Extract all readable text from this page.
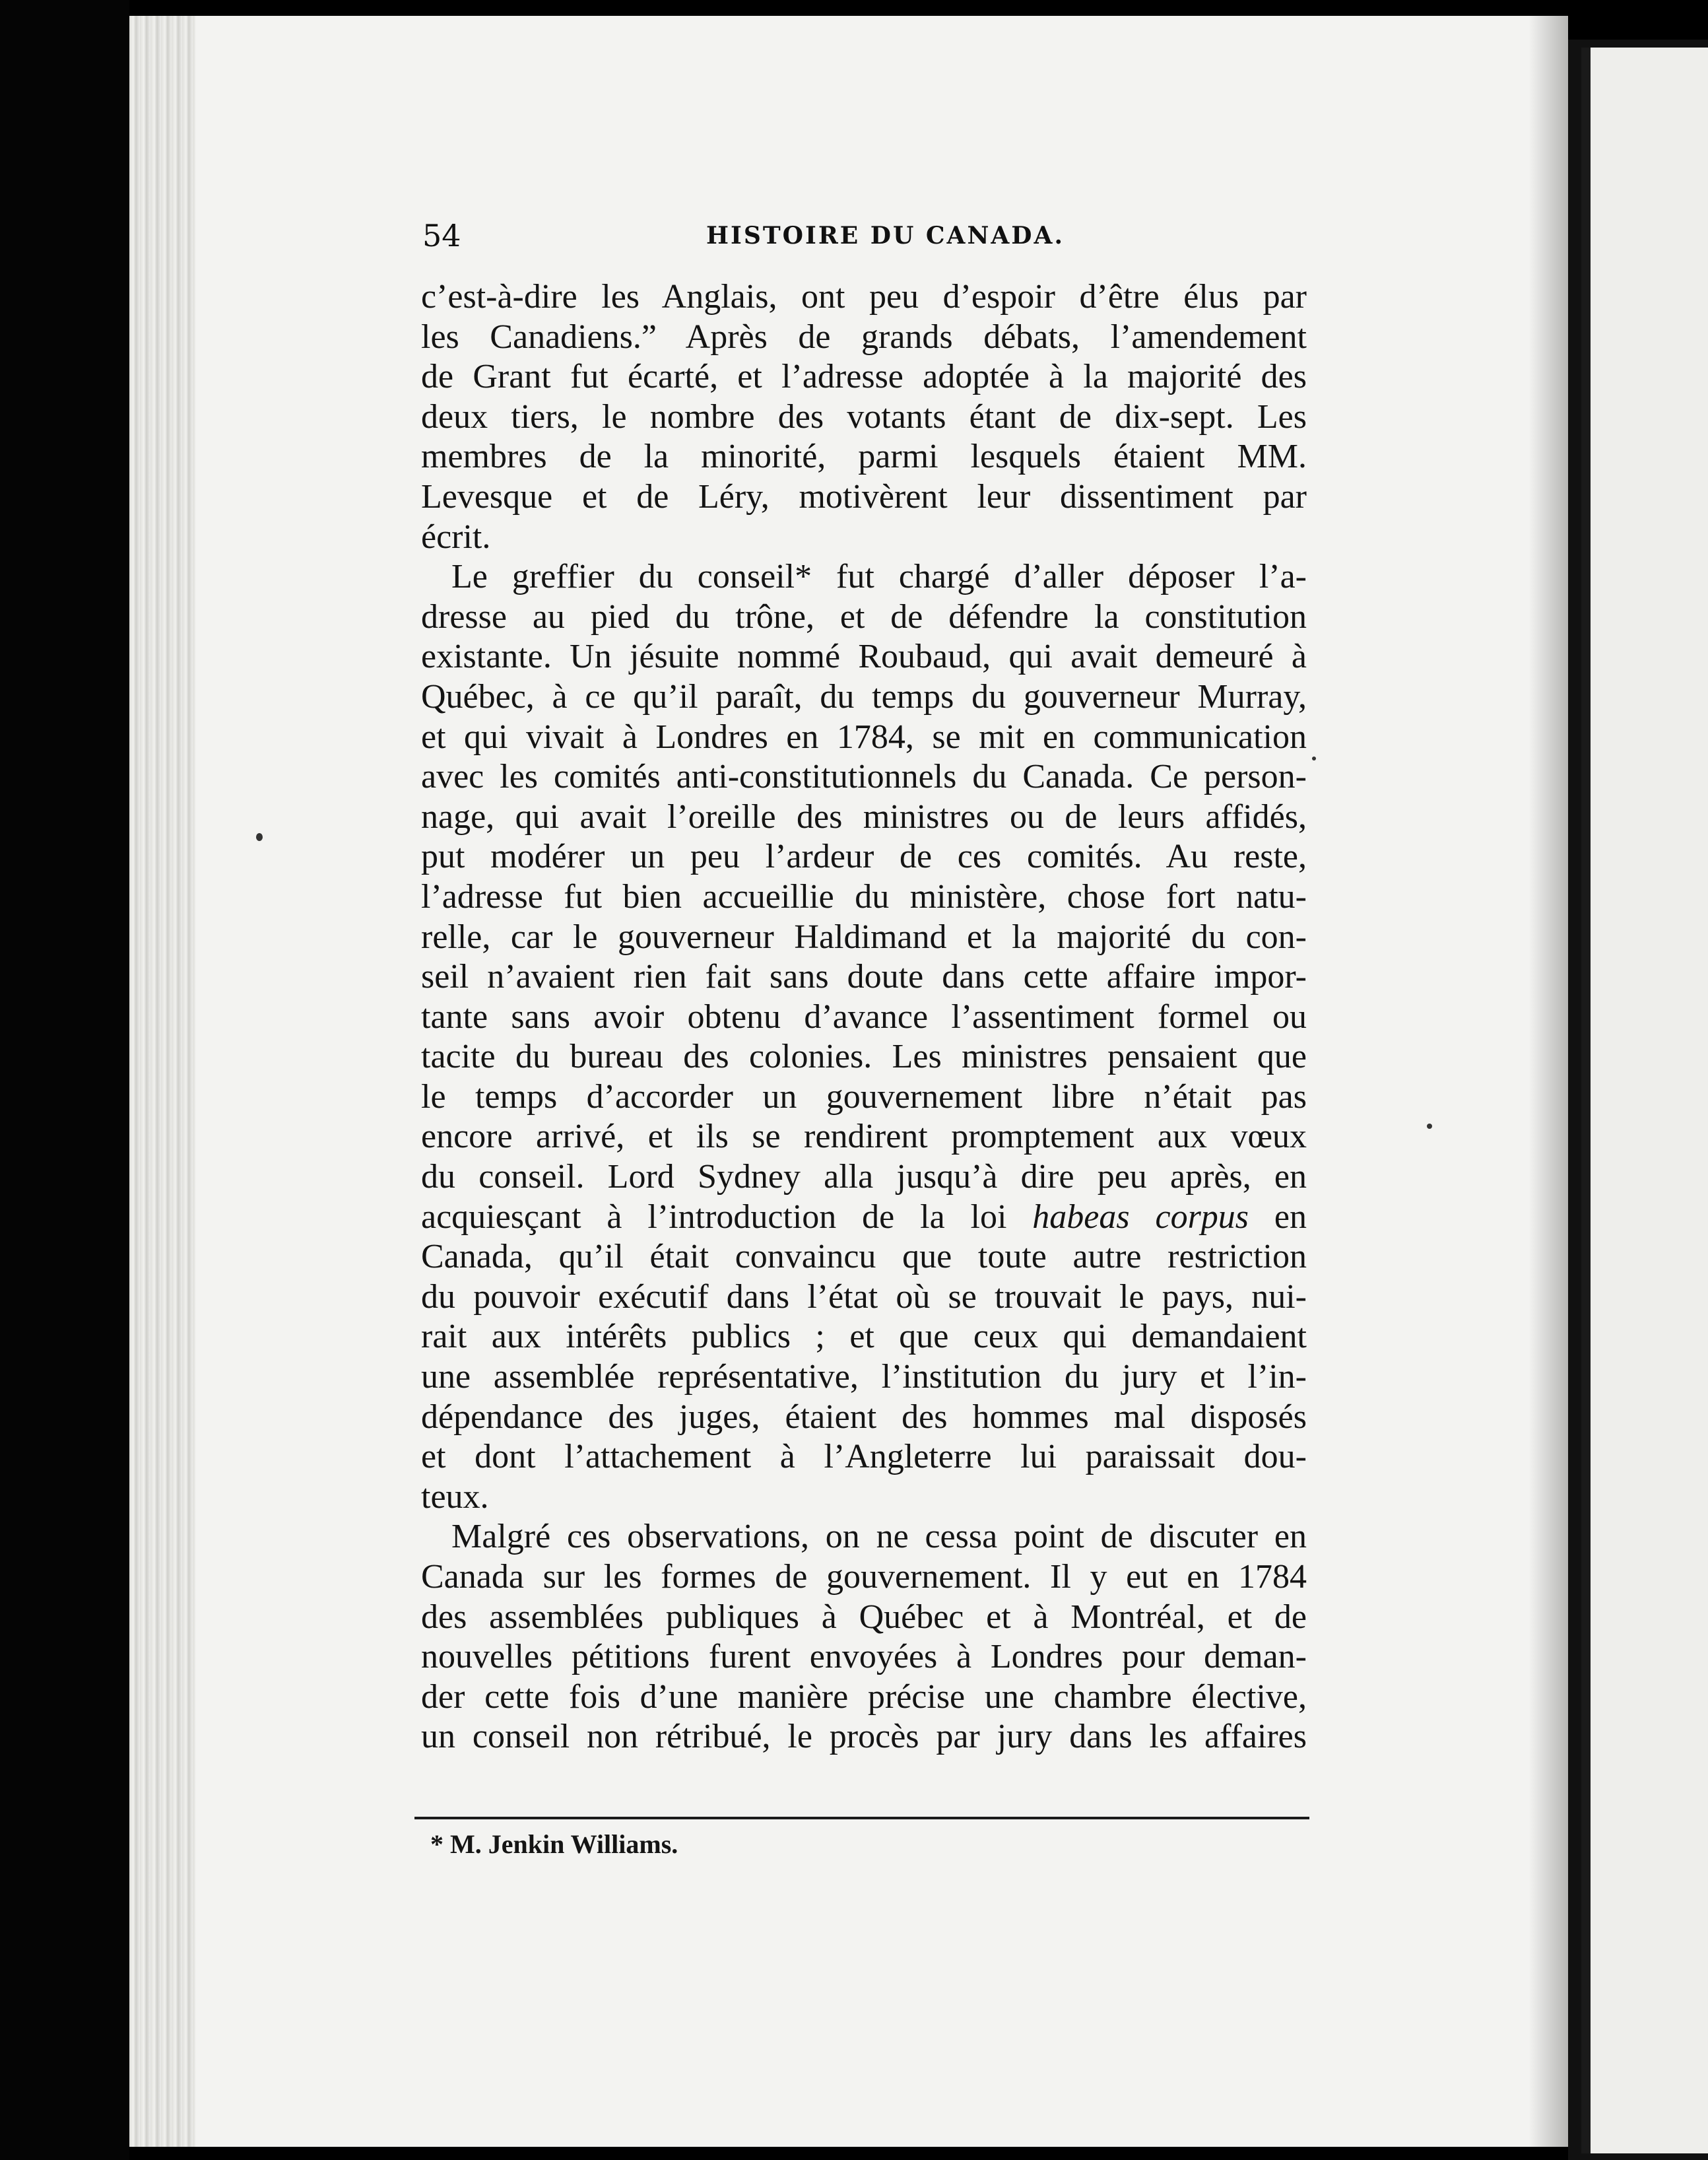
54	HISTOIRE DU CANADA.
c’est-à-dire les Anglais, ont peu d’espoir d’être élus par
les Canadiens.” Après de grands débats, l’amendement
de Grant fut écarté, et l’adresse adoptée à la majorité des
deux tiers, le nombre des votants étant de dix-sept. Les
membres de la minorité, parmi lesquels étaient MM.
Levesque et de Léry, motivèrent leur dissentiment par
écrit.
Le greffier du conseil* fut chargé d’aller déposer l’a-
dresse au pied du trône, et de défendre la constitution
existante. Un jésuite nommé Roubaud, qui avait demeuré à
Québec, à ce qu’il paraît, du temps du gouverneur Murray,
et qui vivait à Londres en 1784, se mit en communication
avec les comités anti-constitutionnels du Canada. Ce person-
nage, qui avait l’oreille des ministres ou de leurs affidés,
put modérer un peu l’ardeur de ces comités. Au reste,
l’adresse fut bien accueillie du ministère, chose fort natu-
relle, car le gouverneur Haldimand et la majorité du con-
seil n’avaient rien fait sans doute dans cette affaire impor-
tante sans avoir obtenu d’avance l’assentiment formel ou
tacite du bureau des colonies. Les ministres pensaient que
le temps d’accorder un gouvernement libre n’était pas
encore arrivé, et ils se rendirent promptement aux vœux
du conseil. Lord Sydney alla jusqu’à dire peu après, en
acquiesçant à l’introduction de la loi habeas corpus en
Canada, qu’il était convaincu que toute autre restriction
du pouvoir exécutif dans l’état où se trouvait le pays, nui-
rait aux intérêts publics ; et que ceux qui demandaient
une assemblée représentative, l’institution du jury et l’in-
dépendance des juges, étaient des hommes mal disposés
et dont l’attachement à l’Angleterre lui paraissait dou-
teux.
Malgré ces observations, on ne cessa point de discuter en
Canada sur les formes de gouvernement. Il y eut en 1784
des assemblées publiques à Québec et à Montréal, et de
nouvelles pétitions furent envoyées à Londres pour deman-
der cette fois d’une manière précise une chambre élective,
un conseil non rétribué, le procès par jury dans les affaires
* M. Jenkin Williams.
